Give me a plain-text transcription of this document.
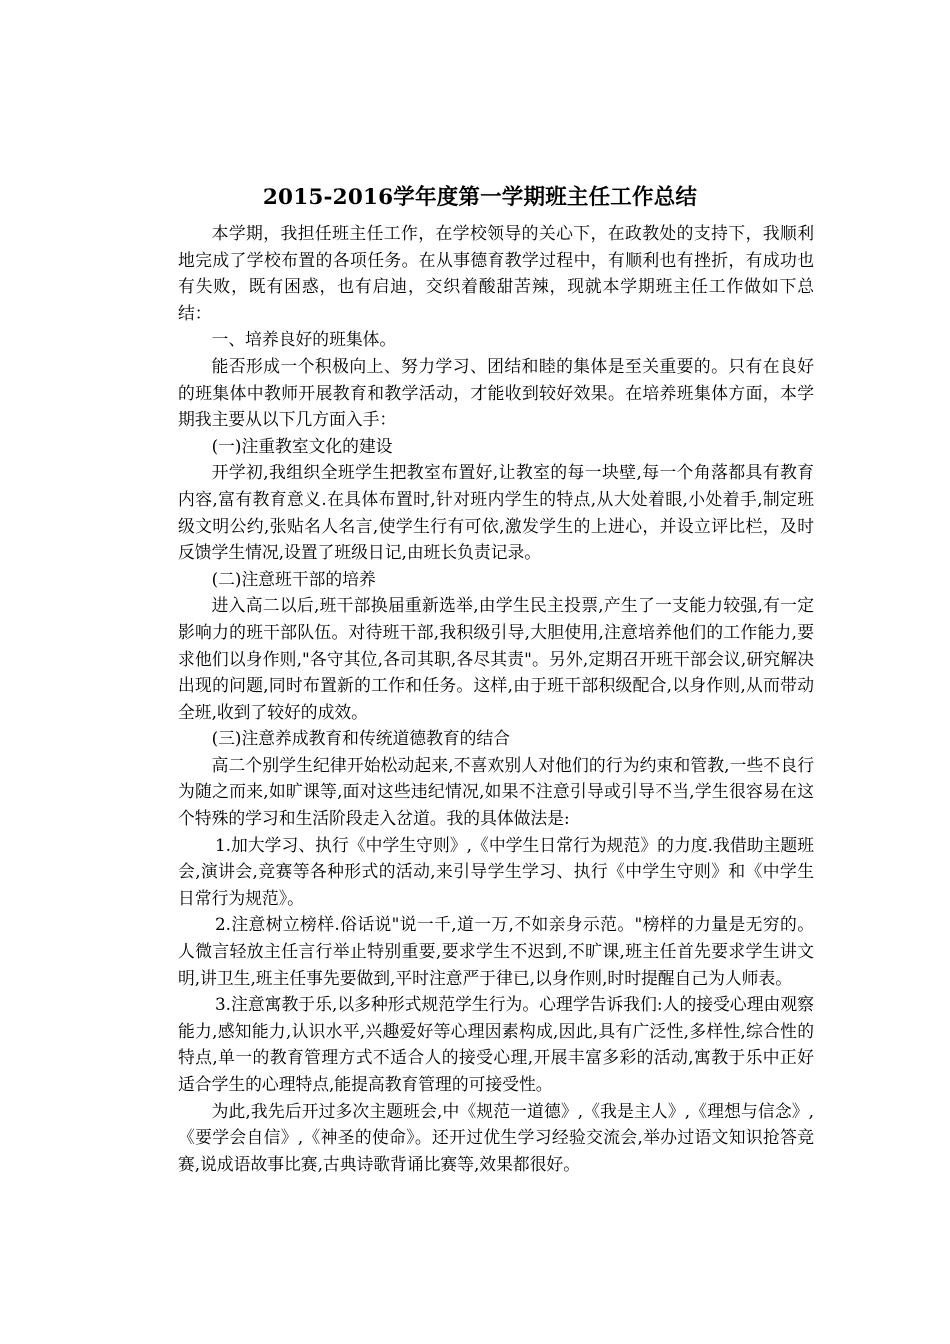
2015-2016学年度第一学期班主任工作总结

本学期，我担任班主任工作，在学校领导的关心下，在政教处的支持下，我顺利地完成了学校布置的各项任务。在从事德育教学过程中，有顺利也有挫折，有成功也有失败，既有困惑，也有启迪，交织着酸甜苦辣，现就本学期班主任工作做如下总结：

一、培养良好的班集体。

能否形成一个积极向上、努力学习、团结和睦的集体是至关重要的。只有在良好的班集体中教师开展教育和教学活动，才能收到较好效果。在培养班集体方面，本学期我主要从以下几方面入手：

(一)注重教室文化的建设

开学初,我组织全班学生把教室布置好,让教室的每一块壁,每一个角落都具有教育内容,富有教育意义.在具体布置时,针对班内学生的特点,从大处着眼,小处着手,制定班级文明公约,张贴名人名言,使学生行有可依,激发学生的上进心，并设立评比栏，及时反馈学生情况,设置了班级日记,由班长负责记录。

(二)注意班干部的培养

进入高二以后,班干部换届重新选举,由学生民主投票,产生了一支能力较强,有一定影响力的班干部队伍。对待班干部,我积级引导,大胆使用,注意培养他们的工作能力,要求他们以身作则,"各守其位,各司其职,各尽其责"。另外,定期召开班干部会议,研究解决出现的问题,同时布置新的工作和任务。这样,由于班干部积级配合,以身作则,从而带动全班,收到了较好的成效。

(三)注意养成教育和传统道德教育的结合

高二个别学生纪律开始松动起来,不喜欢别人对他们的行为约束和管教,一些不良行为随之而来,如旷课等,面对这些违纪情况,如果不注意引导或引导不当,学生很容易在这个特殊的学习和生活阶段走入岔道。我的具体做法是:

1.加大学习、执行《中学生守则》,《中学生日常行为规范》的力度.我借助主题班会,演讲会,竞赛等各种形式的活动,来引导学生学习、执行《中学生守则》和《中学生日常行为规范》。

2.注意树立榜样.俗话说"说一千,道一万,不如亲身示范。"榜样的力量是无穷的。人微言轻放主任言行举止特别重要,要求学生不迟到,不旷课,班主任首先要求学生讲文明,讲卫生,班主任事先要做到,平时注意严于律已,以身作则,时时提醒自己为人师表。

3.注意寓教于乐,以多种形式规范学生行为。心理学告诉我们:人的接受心理由观察能力,感知能力,认识水平,兴趣爱好等心理因素构成,因此,具有广泛性,多样性,综合性的特点,单一的教育管理方式不适合人的接受心理,开展丰富多彩的活动,寓教于乐中正好适合学生的心理特点,能提高教育管理的可接受性。

为此,我先后开过多次主题班会,中《规范一道德》,《我是主人》,《理想与信念》,《要学会自信》,《神圣的使命》。还开过优生学习经验交流会,举办过语文知识抢答竞赛,说成语故事比赛,古典诗歌背诵比赛等,效果都很好。
